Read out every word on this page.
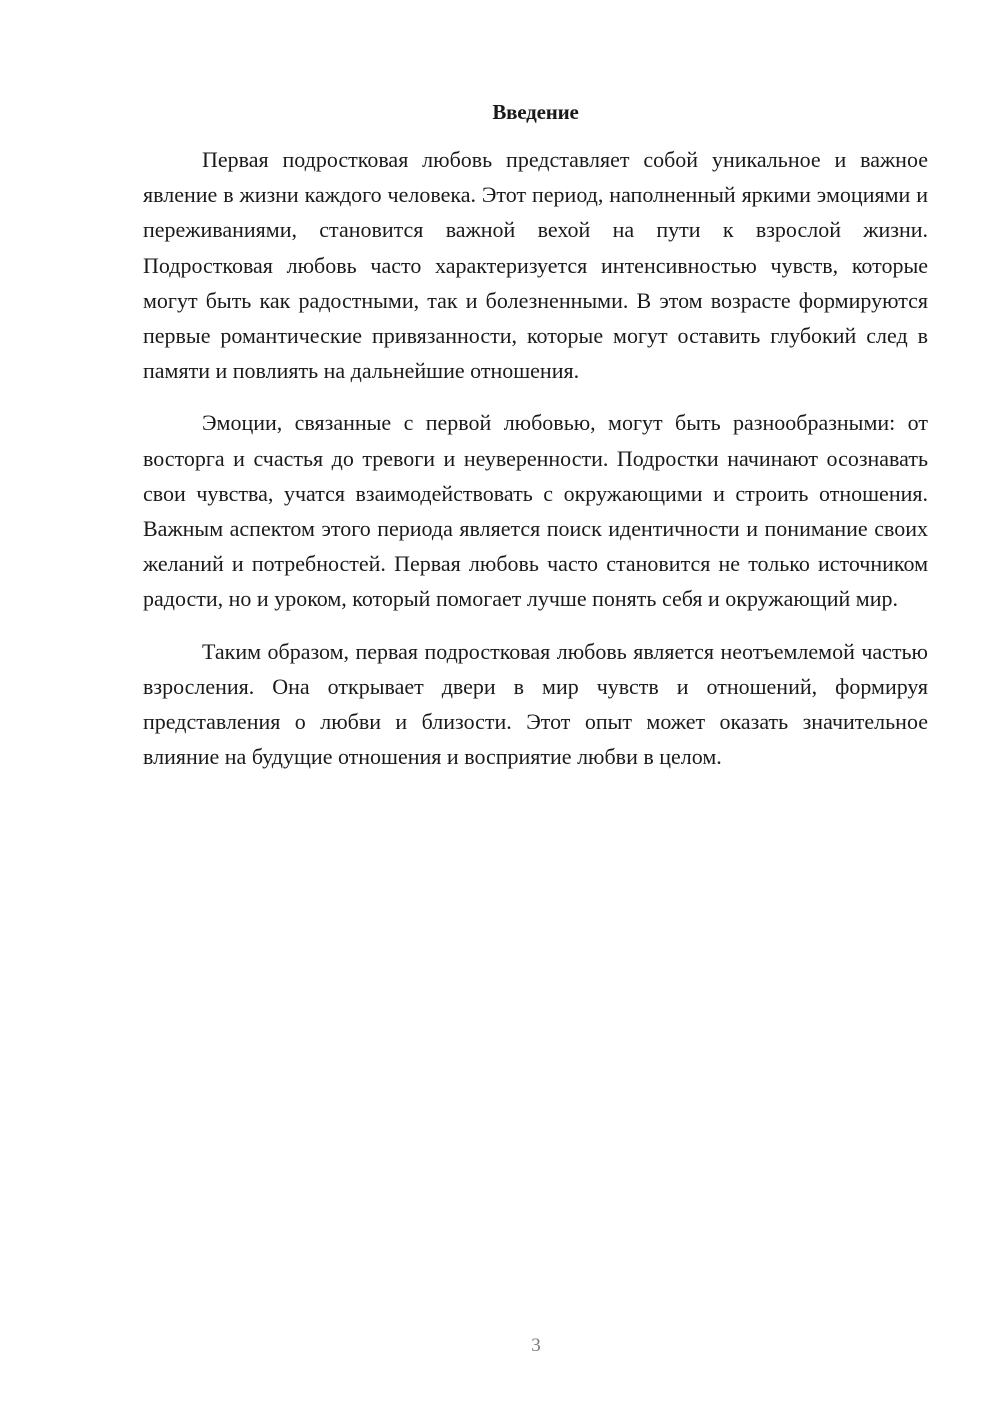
Введение

Первая подростковая любовь представляет собой уникальное и важное явление в жизни каждого человека. Этот период, наполненный яркими эмоциями и переживаниями, становится важной вехой на пути к взрослой жизни. Подростковая любовь часто характеризуется интенсивностью чувств, которые могут быть как радостными, так и болезненными. В этом возрасте формируются первые романтические привязанности, которые могут оставить глубокий след в памяти и повлиять на дальнейшие отношения.

Эмоции, связанные с первой любовью, могут быть разнообразными: от восторга и счастья до тревоги и неуверенности. Подростки начинают осознавать свои чувства, учатся взаимодействовать с окружающими и строить отношения. Важным аспектом этого периода является поиск идентичности и понимание своих желаний и потребностей. Первая любовь часто становится не только источником радости, но и уроком, который помогает лучше понять себя и окружающий мир.

Таким образом, первая подростковая любовь является неотъемлемой частью взросления. Она открывает двери в мир чувств и отношений, формируя представления о любви и близости. Этот опыт может оказать значительное влияние на будущие отношения и восприятие любви в целом.

3
